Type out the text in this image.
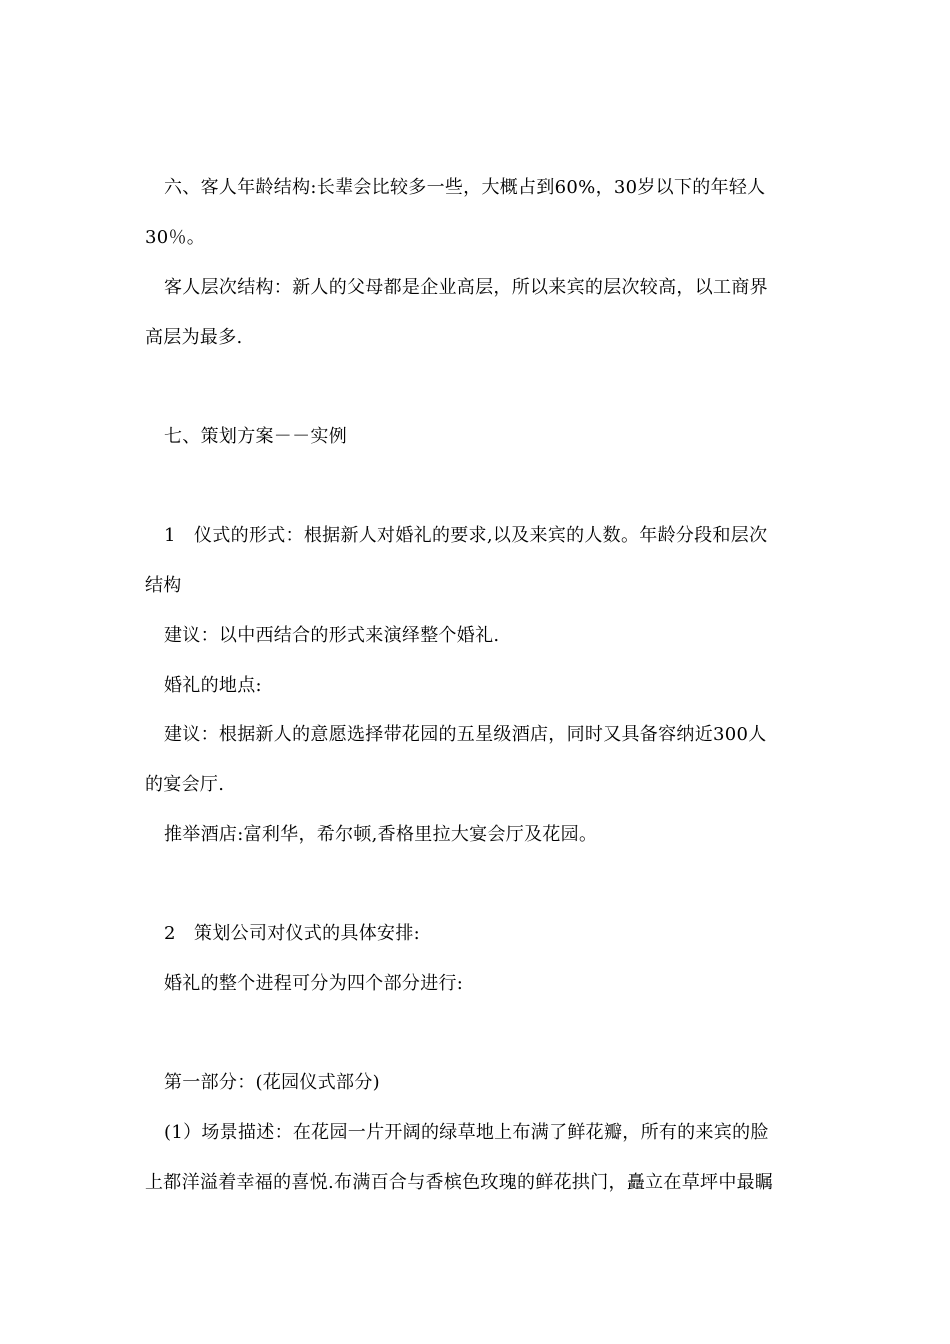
六、客人年龄结构:长辈会比较多一些，大概占到60%，30岁以下的年轻人
30％。
客人层次结构：新人的父母都是企业高层，所以来宾的层次较高，以工商界
高层为最多.
七、策划方案－－实例
1　仪式的形式：根据新人对婚礼的要求,以及来宾的人数。年龄分段和层次
结构
建议：以中西结合的形式来演绎整个婚礼.
婚礼的地点:
建议：根据新人的意愿选择带花园的五星级酒店，同时又具备容纳近300人
的宴会厅.
推举酒店:富利华，希尔顿,香格里拉大宴会厅及花园。
2　策划公司对仪式的具体安排:
婚礼的整个进程可分为四个部分进行:
第一部分：(花园仪式部分)
(1）场景描述：在花园一片开阔的绿草地上布满了鲜花瓣，所有的来宾的脸
上都洋溢着幸福的喜悦.布满百合与香槟色玫瑰的鲜花拱门，矗立在草坪中最瞩
